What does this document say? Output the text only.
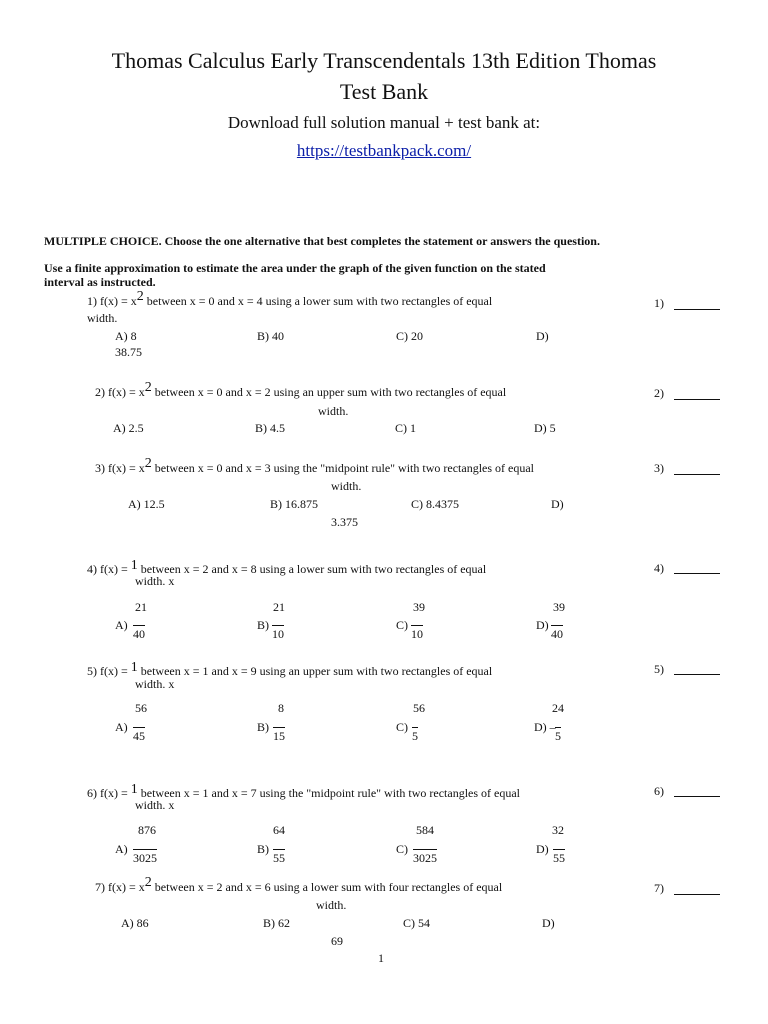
Thomas Calculus Early Transcendentals 13th Edition Thomas
Test Bank
Download full solution manual + test bank at:
https://testbankpack.com/
MULTIPLE CHOICE. Choose the one alternative that best completes the statement or answers the question.
Use a finite approximation to estimate the area under the graph of the given function on the stated
interval as instructed.
1) f(x) = x2 between x = 0 and x = 4 using a lower sum with two rectangles of equal
width.
A) 8	B) 40	C) 20	D)
38.75
1)
2) f(x) = x2 between x = 0 and x = 2 using an upper sum with two rectangles of equal
width.
A) 2.5	B) 4.5	C) 1	D) 5
2)
3) f(x) = x2 between x = 0 and x = 3 using the "midpoint rule" with two rectangles of equal
width.
A) 12.5	B) 16.875	C) 8.4375	D)
3.375
3)
4) f(x) = 1 between x = 2 and x = 8 using a lower sum with two rectangles of equal
width. x
4)
21
A)
40
21
B)
10
39
C)
10
39
D)
40
5) f(x) = 1 between x = 1 and x = 9 using an upper sum with two rectangles of equal
width. x
5)
56
A)
45
8
B)
15
56
C)
5
24
D) –
5
6) f(x) = 1 between x = 1 and x = 7 using the "midpoint rule" with two rectangles of equal
width. x
6)
876
A)
3025
64
B)
55
584
C)
3025
32
D)
55
7) f(x) = x2 between x = 2 and x = 6 using a lower sum with four rectangles of equal
width.
A) 86	B) 62	C) 54	D)
69
7)
1
